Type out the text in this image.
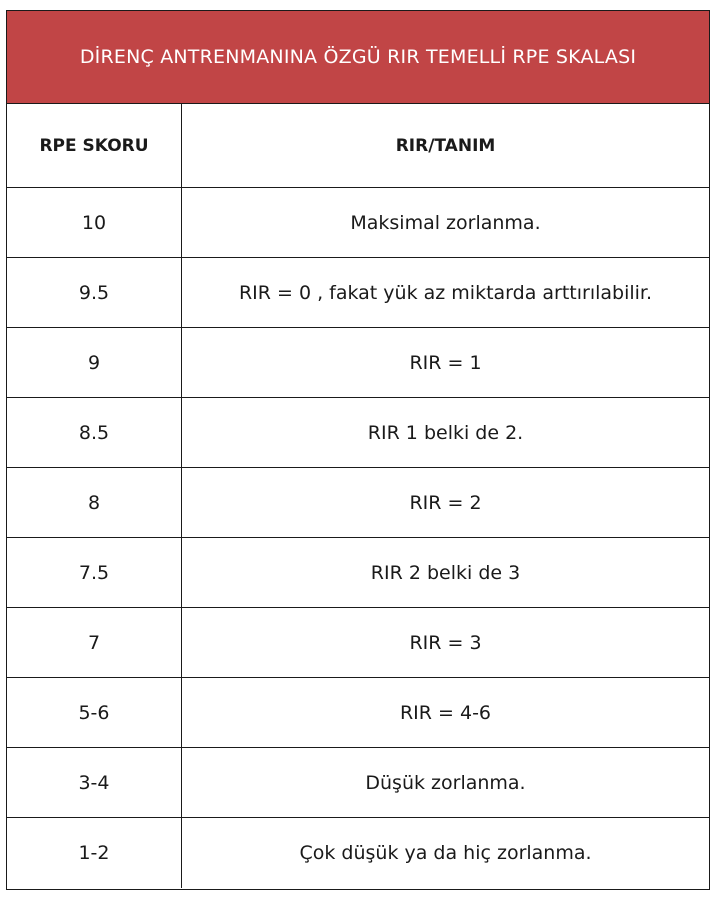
DİRENÇ ANTRENMANINA ÖZGÜ RIR TEMELLİ RPE SKALASI
RPE SKORU	RIR/TANIM
10	Maksimal zorlanma.
9.5	RIR = 0 , fakat yük az miktarda arttırılabilir.
9	RIR = 1
8.5	RIR 1 belki de 2.
8	RIR = 2
7.5	RIR 2 belki de 3
7	RIR = 3
5-6	RIR = 4-6
3-4	Düşük zorlanma.
1-2	Çok düşük ya da hiç zorlanma.
